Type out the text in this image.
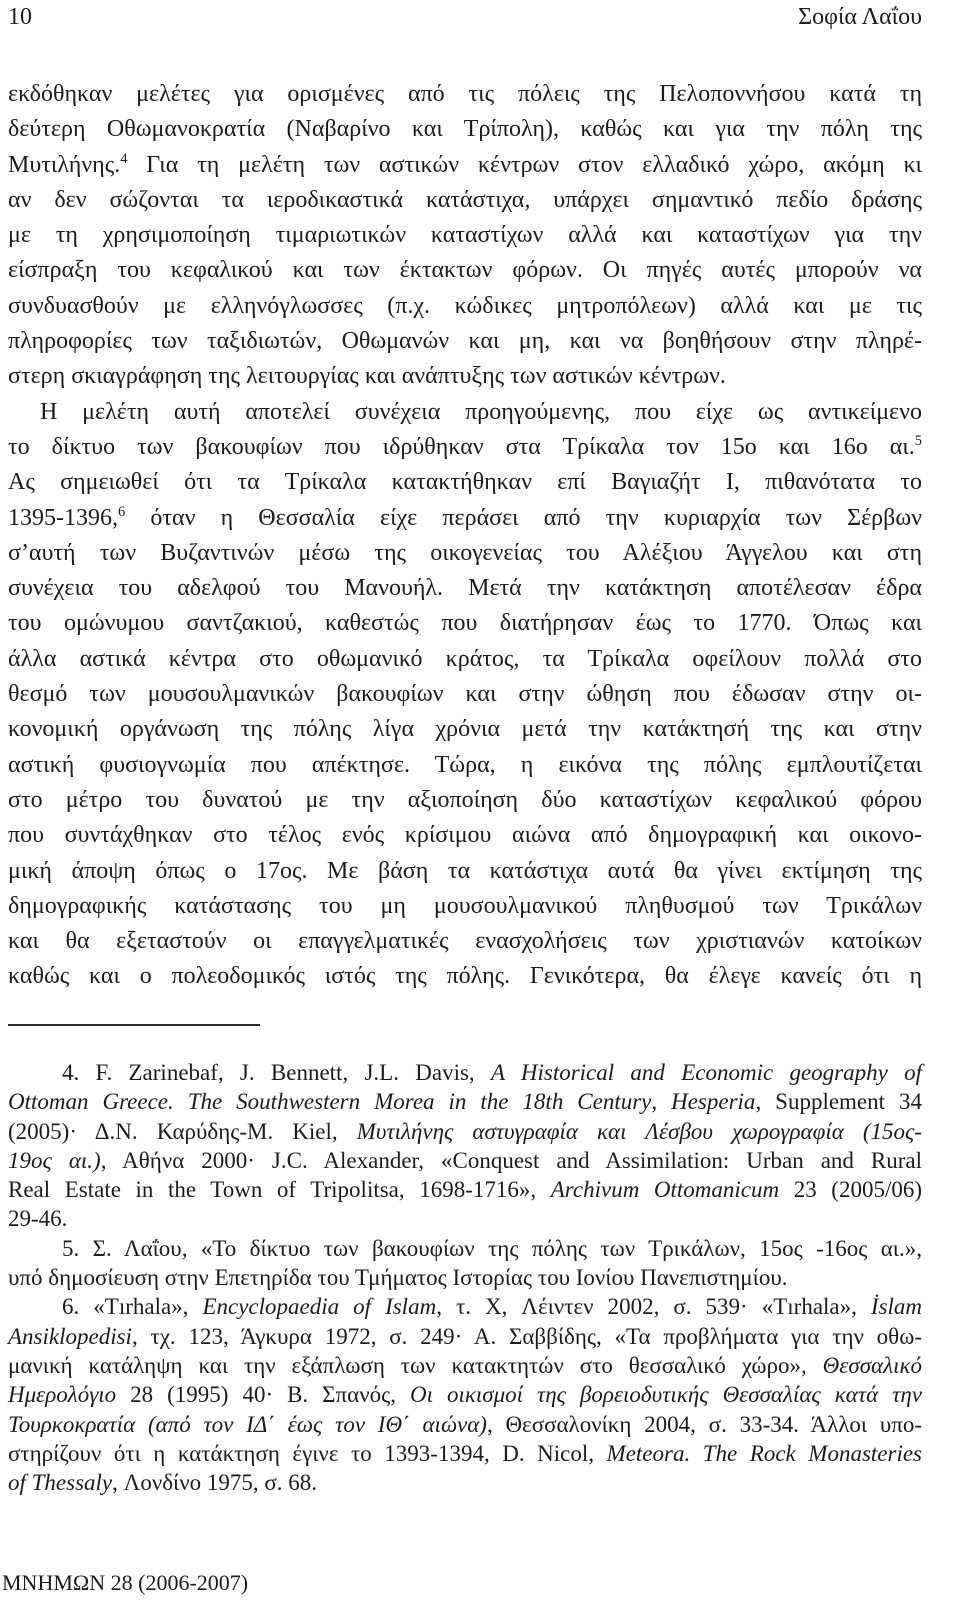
10	Σοφία Λαΐου
εκδόθηκαν μελέτες για ορισμένες από τις πόλεις της Πελοποννήσου κατά τη
δεύτερη Οθωμανοκρατία (Ναβαρίνο και Τρίπολη), καθώς και για την πόλη της
Μυτιλήνης.$^4$ Για τη μελέτη των αστικών κέντρων στον ελλαδικό χώρο, ακόμη κι
αν δεν σώζονται τα ιεροδικαστικά κατάστιχα, υπάρχει σημαντικό πεδίο δράσης
με τη χρησιμοποίηση τιμαριωτικών καταστίχων αλλά και καταστίχων για την
είσπραξη του κεφαλικού και των έκτακτων φόρων. Οι πηγές αυτές μπορούν να
συνδυασθούν με ελληνόγλωσσες (π.χ. κώδικες μητροπόλεων) αλλά και με τις
πληροφορίες των ταξιδιωτών, Οθωμανών και μη, και να βοηθήσουν στην πληρέ-
στερη σκιαγράφηση της λειτουργίας και ανάπτυξης των αστικών κέντρων.
Η μελέτη αυτή αποτελεί συνέχεια προηγούμενης, που είχε ως αντικείμενο
το δίκτυο των βακουφίων που ιδρύθηκαν στα Τρίκαλα τον 15ο και 16ο αι.$^5$
Ας σημειωθεί ότι τα Τρίκαλα κατακτήθηκαν επί Βαγιαζήτ Ι, πιθανότατα το
1395-1396,$^6$ όταν η Θεσσαλία είχε περάσει από την κυριαρχία των Σέρβων
σ’αυτή των Βυζαντινών μέσω της οικογενείας του Αλέξιου Άγγελου και στη
συνέχεια του αδελφού του Μανουήλ. Μετά την κατάκτηση αποτέλεσαν έδρα
του ομώνυμου σαντζακιού, καθεστώς που διατήρησαν έως το 1770. Όπως και
άλλα αστικά κέντρα στο οθωμανικό κράτος, τα Τρίκαλα οφείλουν πολλά στο
θεσμό των μουσουλμανικών βακουφίων και στην ώθηση που έδωσαν στην οι-
κονομική οργάνωση της πόλης λίγα χρόνια μετά την κατάκτησή της και στην
αστική φυσιογνωμία που απέκτησε. Τώρα, η εικόνα της πόλης εμπλουτίζεται
στο μέτρο του δυνατού με την αξιοποίηση δύο καταστίχων κεφαλικού φόρου
που συντάχθηκαν στο τέλος ενός κρίσιμου αιώνα από δημογραφική και οικονο-
μική άποψη όπως ο 17ος. Με βάση τα κατάστιχα αυτά θα γίνει εκτίμηση της
δημογραφικής κατάστασης του μη μουσουλμανικού πληθυσμού των Τρικάλων
και θα εξεταστούν οι επαγγελματικές ενασχολήσεις των χριστιανών κατοίκων
καθώς και ο πολεοδομικός ιστός της πόλης. Γενικότερα, θα έλεγε κανείς ότι η
4. F. Zarinebaf, J. Bennett, J.L. Davis, A Historical and Economic geography of
Ottoman Greece. The Southwestern Morea in the 18th Century, Hesperia, Supplement 34
(2005)· Δ.Ν. Καρύδης-M. Kiel, Μυτιλήνης αστυγραφία και Λέσβου χωρογραφία (15ος-
19ος αι.), Αθήνα 2000· J.C. Alexander, «Conquest and Assimilation: Urban and Rural
Real Estate in the Town of Tripolitsa, 1698-1716», Archivum Ottomanicum 23 (2005/06)
29-46.
5. Σ. Λαΐου, «Το δίκτυο των βακουφίων της πόλης των Τρικάλων, 15ος -16ος αι.»,
υπό δημοσίευση στην Επετηρίδα του Τμήματος Ιστορίας του Ιονίου Πανεπιστημίου.
6. «Tırhala», Encyclopaedia of Islam, τ. X, Λέιντεν 2002, σ. 539· «Tırhala», İslam
Ansiklopedisi, τχ. 123, Άγκυρα 1972, σ. 249· Α. Σαββίδης, «Τα προβλήματα για την οθω-
μανική κατάληψη και την εξάπλωση των κατακτητών στο θεσσαλικό χώρο», Θεσσαλικό
Ημερολόγιο 28 (1995) 40· Β. Σπανός, Οι οικισμοί της βορειοδυτικής Θεσσαλίας κατά την
Τουρκοκρατία (από τον ΙΔ΄ έως τον ΙΘ΄ αιώνα), Θεσσαλονίκη 2004, σ. 33-34. Άλλοι υπο-
στηρίζουν ότι η κατάκτηση έγινε το 1393-1394, D. Nicol, Meteora. The Rock Monasteries
of Thessaly, Λονδίνο 1975, σ. 68.
ΜΝΗΜΩΝ 28 (2006-2007)
